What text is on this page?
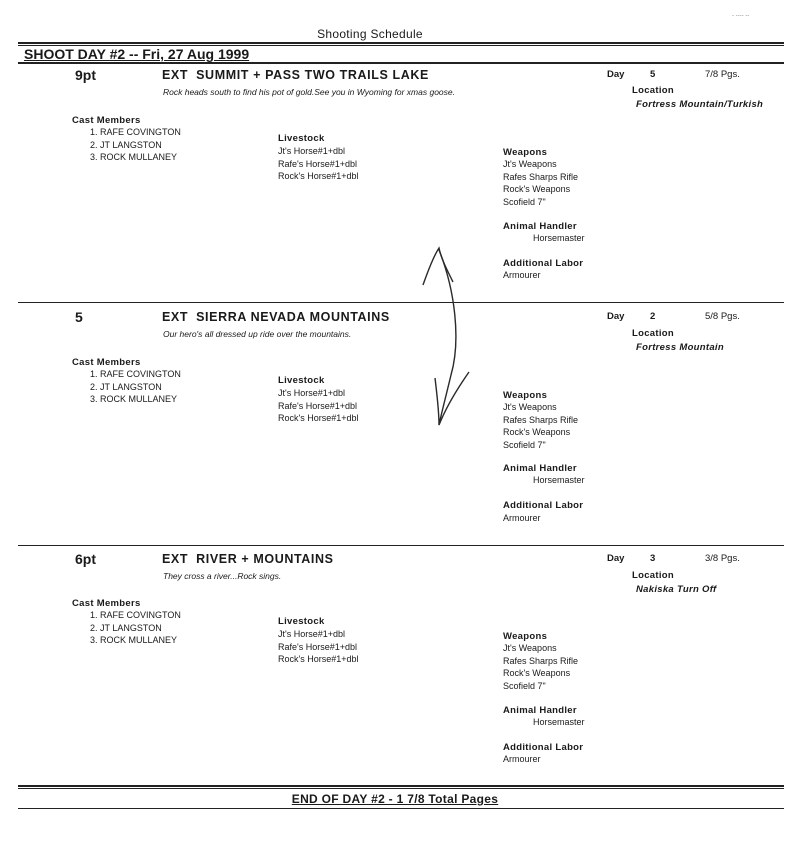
- ---- --
Shooting Schedule
SHOOT DAY #2 -- Fri, 27 Aug 1999
9pt	EXT SUMMIT + PASS TWO TRAILS LAKE
Rock heads south to find his pot of gold.See you in Wyoming for xmas goose.
Day	5	7/8 Pgs.
Location
Fortress Mountain/Turkish
Cast Members
1. RAFE COVINGTON
2. JT LANGSTON
3. ROCK MULLANEY
Livestock
Jt's Horse#1+dbl
Rafe's Horse#1+dbl
Rock's Horse#1+dbl
Weapons
Jt's Weapons
Rafes Sharps Rifle
Rock's Weapons
Scofield 7"
Animal Handler
Horsemaster
Additional Labor
Armourer
5	EXT SIERRA NEVADA MOUNTAINS
Our hero's all dressed up ride over the mountains.
Day	2	5/8 Pgs.
Location
Fortress Mountain
Cast Members
1. RAFE COVINGTON
2. JT LANGSTON
3. ROCK MULLANEY
Livestock
Jt's Horse#1+dbl
Rafe's Horse#1+dbl
Rock's Horse#1+dbl
Weapons
Jt's Weapons
Rafes Sharps Rifle
Rock's Weapons
Scofield 7"
Animal Handler
Horsemaster
Additional Labor
Armourer
6pt	EXT RIVER + MOUNTAINS
They cross a river...Rock sings.
Day	3	3/8 Pgs.
Location
Nakiska Turn Off
Cast Members
1. RAFE COVINGTON
2. JT LANGSTON
3. ROCK MULLANEY
Livestock
Jt's Horse#1+dbl
Rafe's Horse#1+dbl
Rock's Horse#1+dbl
Weapons
Jt's Weapons
Rafes Sharps Rifle
Rock's Weapons
Scofield 7"
Animal Handler
Horsemaster
Additional Labor
Armourer
END OF DAY #2 - 1 7/8 Total Pages
